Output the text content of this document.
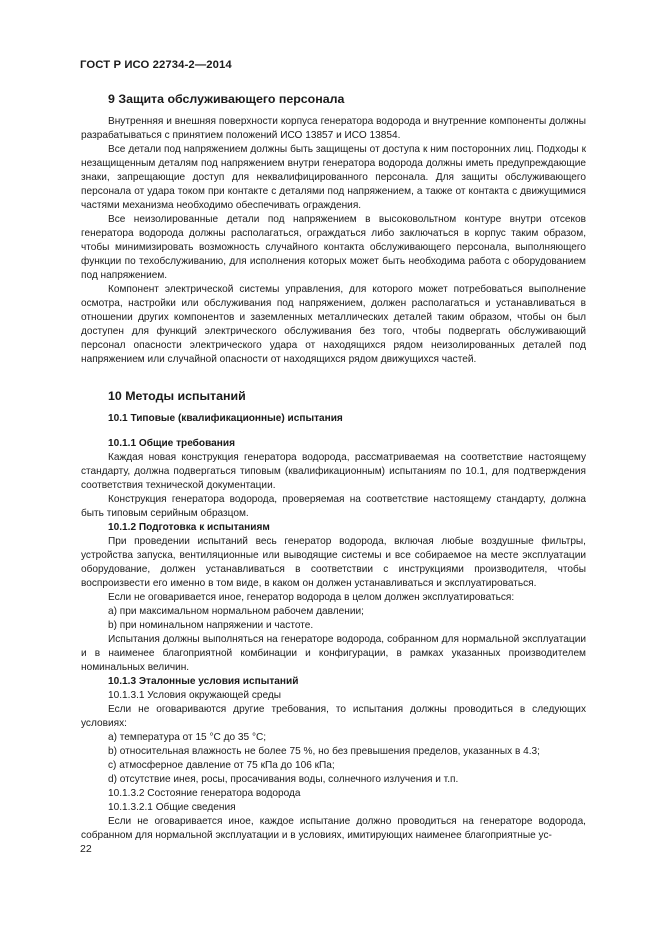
ГОСТ Р ИСО 22734-2—2014
9 Защита обслуживающего персонала

Внутренняя и внешняя поверхности корпуса генератора водорода и внутренние компоненты должны разрабатываться с принятием положений ИСО 13857 и ИСО 13854.

Все детали под напряжением должны быть защищены от доступа к ним посторонних лиц. Подходы к незащищенным деталям под напряжением внутри генератора водорода должны иметь предупреждающие знаки, запрещающие доступ для неквалифицированного персонала. Для защиты обслуживающего персонала от удара током при контакте с деталями под напряжением, а также от контакта с движущимися частями механизма необходимо обеспечивать ограждения.

Все неизолированные детали под напряжением в высоковольтном контуре внутри отсеков генератора водорода должны располагаться, ограждаться либо заключаться в корпус таким образом, чтобы минимизировать возможность случайного контакта обслуживающего персонала, выполняющего функции по техобслуживанию, для исполнения которых может быть необходима работа с оборудованием под напряжением.

Компонент электрической системы управления, для которого может потребоваться выполнение осмотра, настройки или обслуживания под напряжением, должен располагаться и устанавливаться в отношении других компонентов и заземленных металлических деталей таким образом, чтобы он был доступен для функций электрического обслуживания без того, чтобы подвергать обслуживающий персонал опасности электрического удара от находящихся рядом неизолированных деталей под напряжением или случайной опасности от находящихся рядом движущихся частей.

10 Методы испытаний
10.1 Типовые (квалификационные) испытания
10.1.1 Общие требования

Каждая новая конструкция генератора водорода, рассматриваемая на соответствие настоящему стандарту, должна подвергаться типовым (квалификационным) испытаниям по 10.1, для подтверждения соответствия технической документации.

Конструкция генератора водорода, проверяемая на соответствие настоящему стандарту, должна быть типовым серийным образцом.

10.1.2 Подготовка к испытаниям

При проведении испытаний весь генератор водорода, включая любые воздушные фильтры, устройства запуска, вентиляционные или выводящие системы и все собираемое на месте эксплуатации оборудование, должен устанавливаться в соответствии с инструкциями производителя, чтобы воспроизвести его именно в том виде, в каком он должен устанавливаться и эксплуатироваться.

Если не оговаривается иное, генератор водорода в целом должен эксплуатироваться:

а) при максимальном нормальном рабочем давлении;
b) при номинальном напряжении и частоте.

Испытания должны выполняться на генераторе водорода, собранном для нормальной эксплуатации и в наименее благоприятной комбинации и конфигурации, в рамках указанных производителем номинальных величин.

10.1.3 Эталонные условия испытаний
10.1.3.1 Условия окружающей среды

Если не оговариваются другие требования, то испытания должны проводиться в следующих условиях:

а) температура от 15 °С до 35 °С;
b) относительная влажность не более 75 %, но без превышения пределов, указанных в 4.3;
с) атмосферное давление от 75 кПа до 106 кПа;
d) отсутствие инея, росы, просачивания воды, солнечного излучения и т.п.
10.1.3.2 Состояние генератора водорода
10.1.3.2.1 Общие сведения

Если не оговаривается иное, каждое испытание должно проводиться на генераторе водорода, собранном для нормальной эксплуатации и в условиях, имитирующих наименее благоприятные ус-

22
